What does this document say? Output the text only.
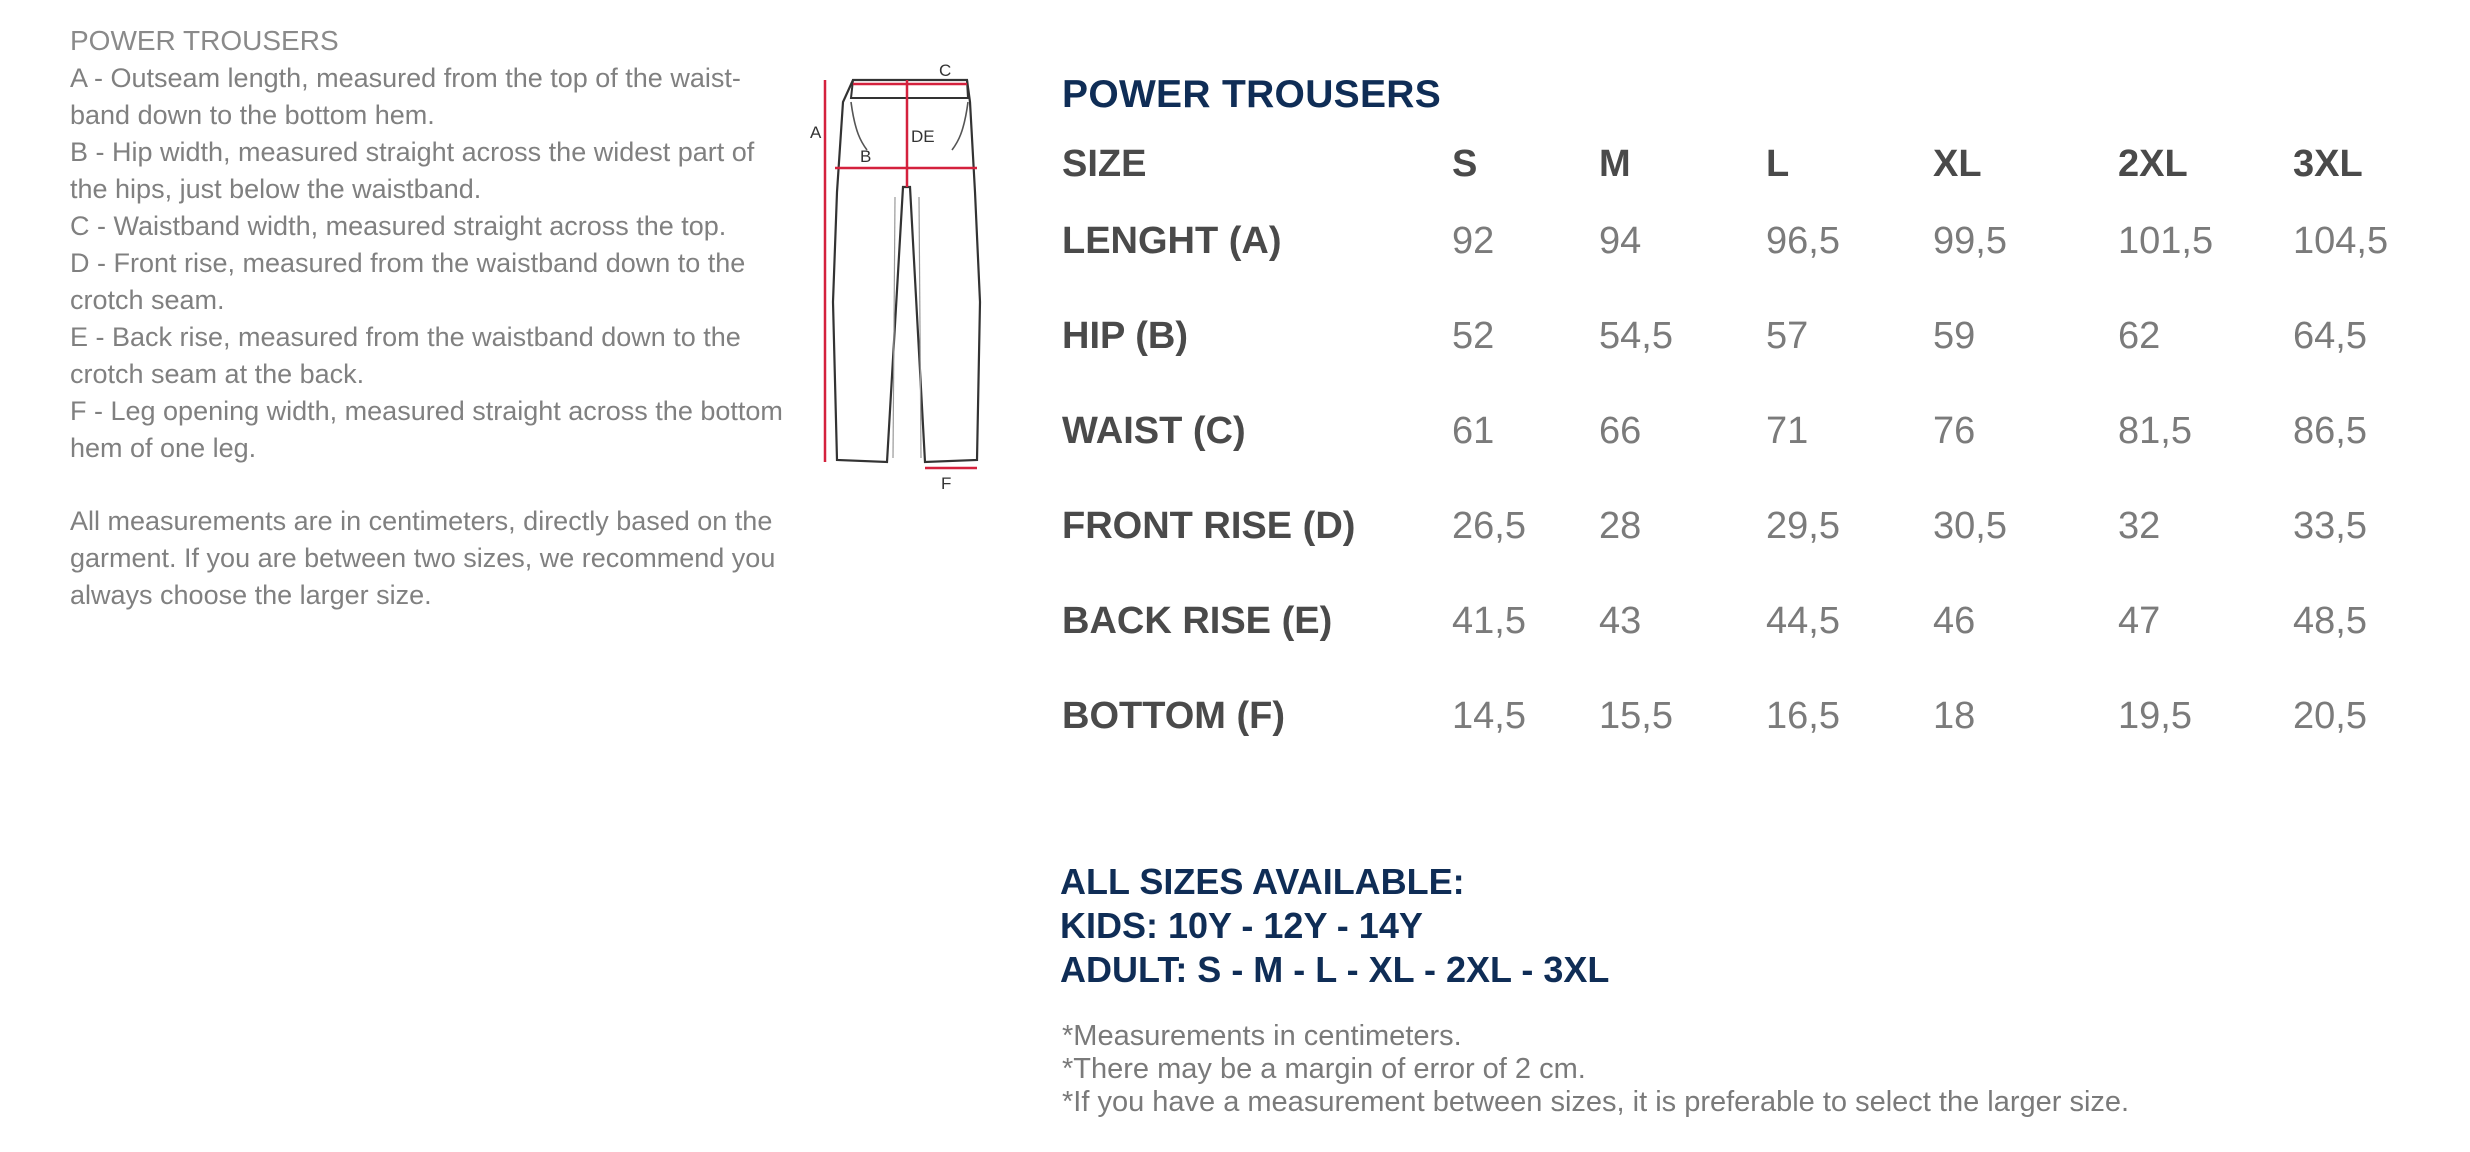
POWER TROUSERS
A - Outseam length, measured from the top of the waist-
band down to the bottom hem.
B - Hip width, measured straight across the widest part of
the hips, just below the waistband.
C - Waistband width, measured straight across the top.
D - Front rise, measured from the waistband down to the
crotch seam.
E - Back rise, measured from the waistband down to the
crotch seam at the back.
F - Leg opening width, measured straight across the bottom
hem of one leg.
All measurements are in centimeters, directly based on the
garment. If you are between two sizes, we recommend you
always choose the larger size.
A
B
C
DE
F
POWER TROUSERS
SIZE	S	M	L	XL	2XL	3XL
LENGHT (A)	92	94	96,5	99,5	101,5	104,5
HIP (B)	52	54,5	57	59	62	64,5
WAIST (C)	61	66	71	76	81,5	86,5
FRONT RISE (D)	26,5	28	29,5	30,5	32	33,5
BACK RISE (E)	41,5	43	44,5	46	47	48,5
BOTTOM (F)	14,5	15,5	16,5	18	19,5	20,5
ALL SIZES AVAILABLE:
KIDS: 10Y - 12Y - 14Y
ADULT: S - M - L - XL - 2XL - 3XL
*Measurements in centimeters.
*There may be a margin of error of 2 cm.
*If you have a measurement between sizes, it is preferable to select the larger size.
